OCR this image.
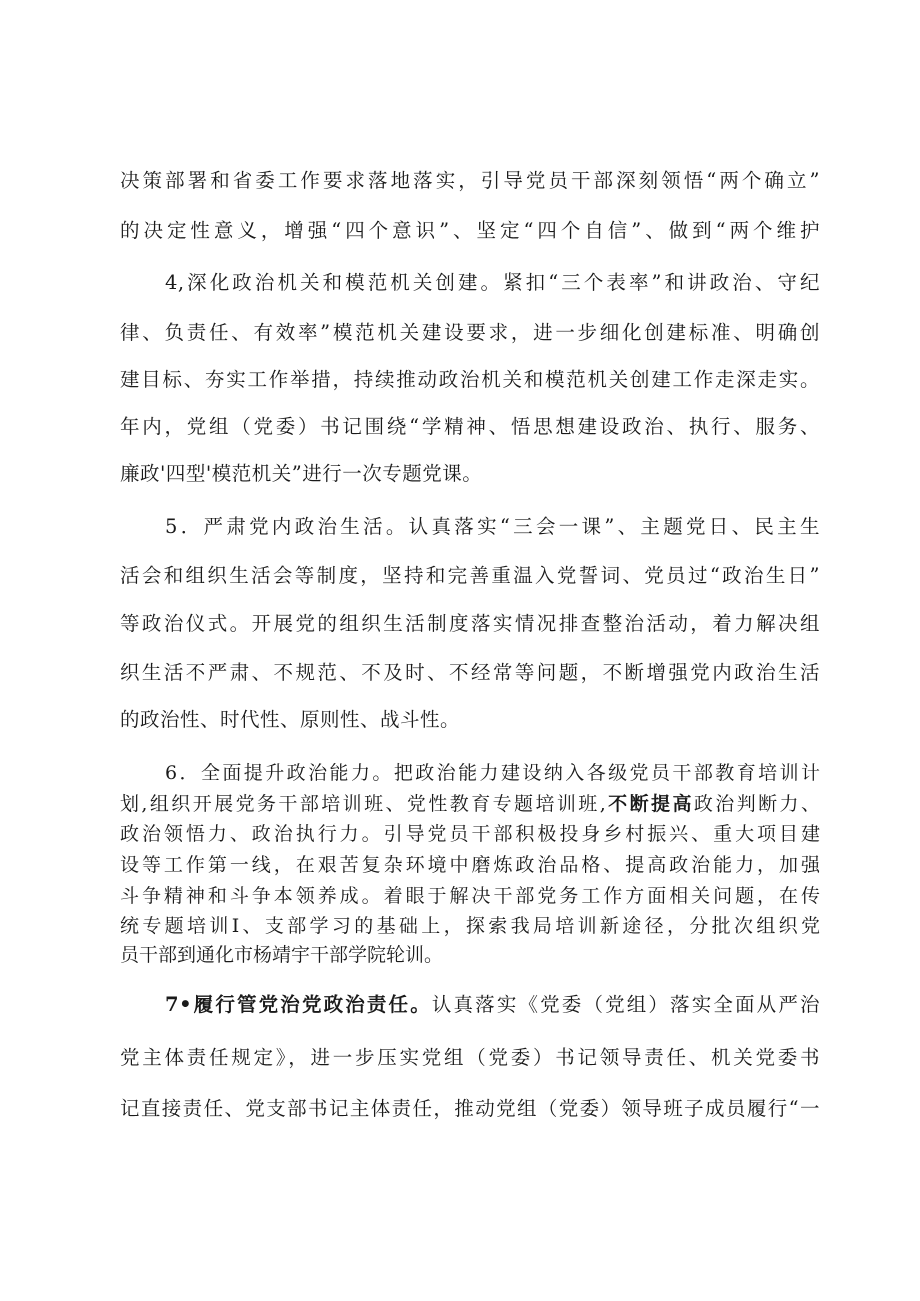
决策部署和省委工作要求落地落实，引导党员干部深刻领悟“两个确立”
的决定性意义，增强“四个意识”、坚定“四个自信”、做到“两个维护
4,深化政治机关和模范机关创建。紧扣“三个表率”和讲政治、守纪
律、负责任、有效率”模范机关建设要求，进一步细化创建标准、明确创
建目标、夯实工作举措，持续推动政治机关和模范机关创建工作走深走实。
年内，党组（党委）书记围绕“学精神、悟思想建设政治、执行、服务、
廉政'四型'模范机关”进行一次专题党课。
5．严肃党内政治生活。认真落实“三会一课”、主题党日、民主生
活会和组织生活会等制度，坚持和完善重温入党誓词、党员过“政治生日”
等政治仪式。开展党的组织生活制度落实情况排查整治活动，着力解决组
织生活不严肃、不规范、不及时、不经常等问题，不断增强党内政治生活
的政治性、时代性、原则性、战斗性。
6．全面提升政治能力。把政治能力建设纳入各级党员干部教育培训计
划,组织开展党务干部培训班、党性教育专题培训班,不断提高政治判断力、
政治领悟力、政治执行力。引导党员干部积极投身乡村振兴、重大项目建
设等工作第一线，在艰苦复杂环境中磨炼政治品格、提高政治能力，加强
斗争精神和斗争本领养成。着眼于解决干部党务工作方面相关问题，在传
统专题培训Ⅰ、支部学习的基础上，探索我局培训新途径，分批次组织党
员干部到通化市杨靖宇干部学院轮训。
7•履行管党治党政治责任。认真落实《党委（党组）落实全面从严治
党主体责任规定》，进一步压实党组（党委）书记领导责任、机关党委书
记直接责任、党支部书记主体责任，推动党组（党委）领导班子成员履行“一
